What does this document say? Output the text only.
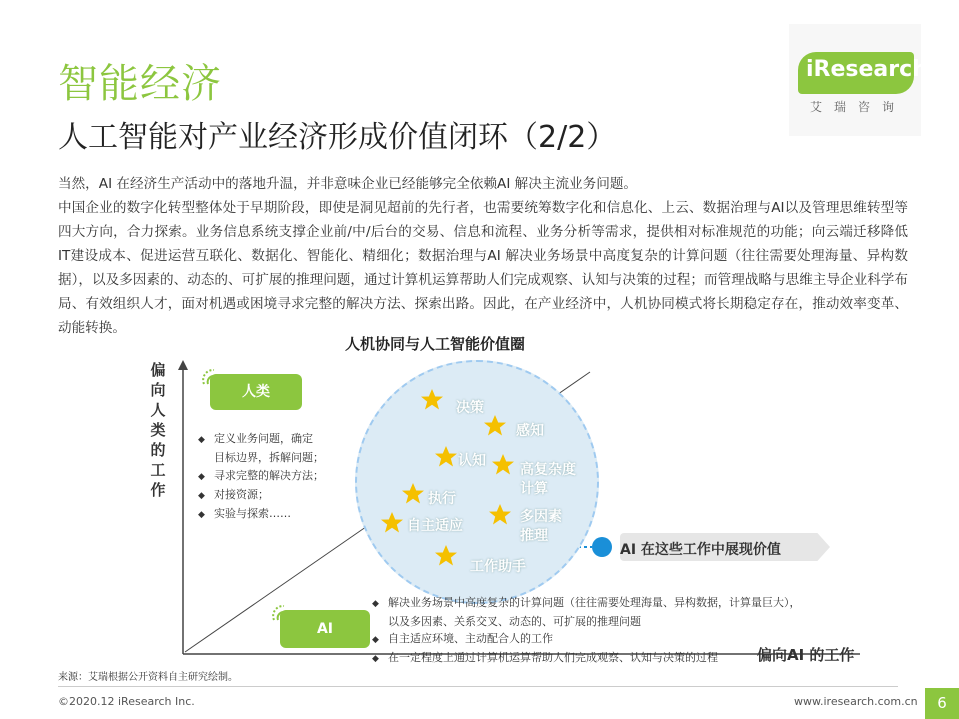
智能经济
人工智能对产业经济形成价值闭环（2/2）
iResearch
艾瑞咨询

当然，AI 在经济生产活动中的落地升温，并非意味企业已经能够完全依赖AI 解决主流业务问题。

中国企业的数字化转型整体处于早期阶段，即使是洞见超前的先行者，也需要统筹数字化和信息化、上云、数据治理与AI以及管理思维转型等四大方向，合力探索。业务信息系统支撑企业前/中/后台的交易、信息和流程、业务分析等需求，提供相对标准规范的功能；向云端迁移降低IT建设成本、促进运营互联化、数据化、智能化、精细化；数据治理与AI 解决业务场景中高度复杂的计算问题（往往需要处理海量、异构数据），以及多因素的、动态的、可扩展的推理问题，通过计算机运算帮助人们完成观察、认知与决策的过程；而管理战略与思维主导企业科学布局、有效组织人才，面对机遇或困境寻求完整的解决方法、探索出路。因此，在产业经济中，人机协同模式将长期稳定存在，推动效率变革、动能转换。

人机协同与人工智能价值圈
偏向人类的工作
偏向AI 的工作
人类
◆ 定义业务问题，确定
目标边界，拆解问题；
◆ 寻求完整的解决方法；
◆ 对接资源；
◆ 实验与探索……
决策
感知
认知
高复杂度
计算
执行
自主适应
多因素
推理
工作助手
AI 在这些工作中展现价值
AI
◆ 解决业务场景中高度复杂的计算问题（往往需要处理海量、异构数据，计算量巨大），
以及多因素、关系交叉、动态的、可扩展的推理问题
◆ 自主适应环境、主动配合人的工作
◆ 在一定程度上通过计算机运算帮助人们完成观察、认知与决策的过程
来源：艾瑞根据公开资料自主研究绘制。
©2020.12 iResearch Inc.	www.iresearch.com.cn	6
